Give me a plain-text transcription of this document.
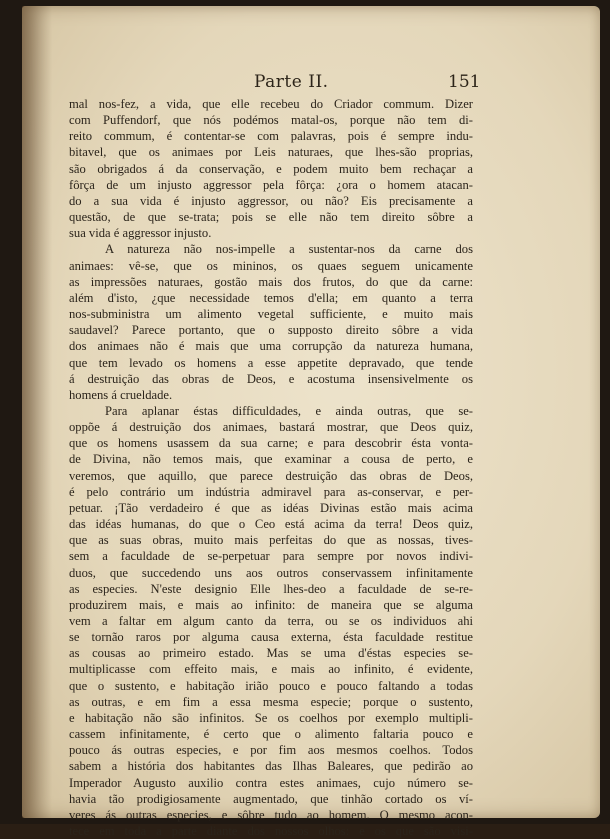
Parte II.	151
mal nos-fez, a vida, que elle recebeu do Criador commum. Dizer
com Puffendorf, que nós podémos matal-os, porque não tem di-
reito commum, é contentar-se com palavras, pois é sempre indu-
bitavel, que os animaes por Leis naturaes, que lhes-são proprias,
são obrigados á da conservação, e podem muito bem rechaçar a
fôrça de um injusto aggressor pela fôrça: ¿ora o homem atacan-
do a sua vida é injusto aggressor, ou não? Eis precisamente a
questão, de que se-trata; pois se elle não tem direito sôbre a
sua vida é aggressor injusto.
A natureza não nos-impelle a sustentar-nos da carne dos
animaes: vê-se, que os mininos, os quaes seguem unicamente
as impressões naturaes, gostão mais dos frutos, do que da carne:
além d'isto, ¿que necessidade temos d'ella; em quanto a terra
nos-subministra um alimento vegetal sufficiente, e muito mais
saudavel? Parece portanto, que o supposto direito sôbre a vida
dos animaes não é mais que uma corrupção da natureza humana,
que tem levado os homens a esse appetite depravado, que tende
á destruição das obras de Deos, e acostuma insensivelmente os
homens á crueldade.
Para aplanar éstas difficuldades, e ainda outras, que se-
oppõe á destruição dos animaes, bastará mostrar, que Deos quiz,
que os homens usassem da sua carne; e para descobrir ésta vonta-
de Divina, não temos mais, que examinar a cousa de perto, e
veremos, que aquillo, que parece destruição das obras de Deos,
é pelo contrário um indústria admiravel para as-conservar, e per-
petuar. ¡Tão verdadeiro é que as idéas Divinas estão mais acima
das idéas humanas, do que o Ceo está acima da terra! Deos quiz,
que as suas obras, muito mais perfeitas do que as nossas, tives-
sem a faculdade de se-perpetuar para sempre por novos indivi-
duos, que succedendo uns aos outros conservassem infinitamente
as especies. N'este designio Elle lhes-deo a faculdade de se-re-
produzirem mais, e mais ao infinito: de maneira que se alguma
vem a faltar em algum canto da terra, ou se os individuos ahi
se tornão raros por alguma causa externa, ésta faculdade restitue
as cousas ao primeiro estado. Mas se uma d'éstas especies se-
multiplicasse com effeito mais, e mais ao infinito, é evidente,
que o sustento, e habitação irião pouco e pouco faltando a todas
as outras, e em fim a essa mesma especie; porque o sustento,
e habitação não são infinitos. Se os coelhos por exemplo multipli-
cassem infinitamente, é certo que o alimento faltaria pouco e
pouco ás outras especies, e por fim aos mesmos coelhos. Todos
sabem a história dos habitantes das Ilhas Baleares, que pedirão ao
Imperador Augusto auxilio contra estes animaes, cujo número se-
havia tão prodigiosamente augmentado, que tinhão cortado os ví-
veres ás outras especies, e sôbre tudo ao homem. O mesmo acon-
tece em toda a parte diante dos nossos olhos: e os que são visi-
